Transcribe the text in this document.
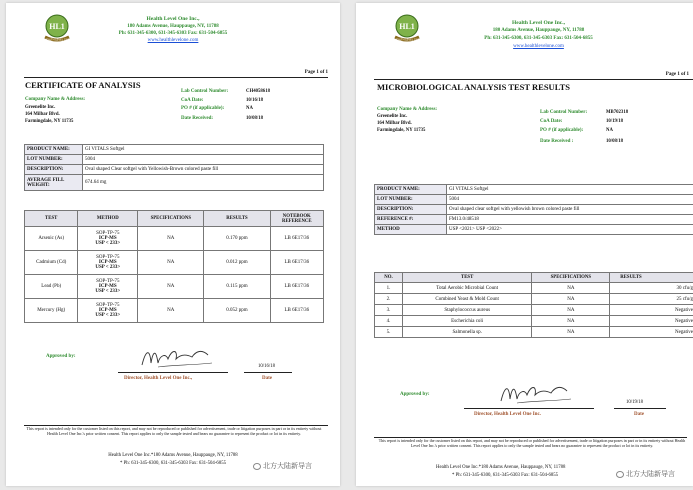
HL1
HEALTH LEVEL ONE
Health Level One Inc.,
180 Adams Avenue, Hauppauge, NY, 11788
Ph: 631-345-6300, 631-345-6303 Fax: 631-504-6855
www.healthlevelone.com
Page 1 of 1
CERTIFICATE OF ANALYSIS
Company Name & Address:
Greenelite Inc.
164 Milbar Blvd.
Farmingdale, NY 11735
Lab Control Number:	CH4058618
CoA Date:	10/16/18
PO # (if applicable):	NA
Date Received:	10/08/18
PRODUCT NAME:	GI VITALS Softgel
LOT NUMBER:	5004
DESCRIPTION:	Oval shaped Clear softgel with Yellowish-Brown colored paste fill
AVERAGE FILL WEIGHT:	674.64 mg
TEST	METHOD	SPECIFICATIONS	RESULTS	NOTEBOOK REFERENCE
Arsenic (As)	SOP-TP-75
ICP-MS
USP < 233>	NA	0.170 ppm	LB 6E17/36
Cadmium (Cd)	SOP-TP-75
ICP-MS
USP < 233>	NA	0.012 ppm	LB 6E17/36
Lead (Pb)	SOP-TP-75
ICP-MS
USP < 233>	NA	0.115 ppm	LB 6E17/36
Mercury (Hg)	SOP-TP-75
ICP-MS
USP < 233>	NA	0.052 ppm	LB 6E17/36
Approved by:
10/16/18
Director, Health Level One Inc.,	Date
This report is intended only for the customer listed on this report, and may not be reproduced or published for advertisement, trade or litigation purposes in part or in its entirety without Health Level One Inc.'s prior written consent. This report applies to only the sample tested and bears no guarantee to represent the product or lot in its entirety.
Health Level One Inc.*180 Adams Avenue, Hauppauge, NY, 11788
* Ph: 631-345-6300, 631-345-6303 Fax: 631-504-6855
HL1
HEALTH LEVEL ONE
Health Level One Inc.,
180 Adams Avenue, Hauppauge, NY, 11788
Ph: 631-345-6300, 631-345-6303 Fax: 631-504-6855
www.healthlevelone.com
Page 1 of 1
MICROBIOLOGICAL ANALYSIS TEST RESULTS
Company Name & Address:
Greenelite Inc.
164 Milbar Blvd.
Farmingdale, NY 11735
Lab Control Number:	MB702318
CoA Date:	10/19/18
PO # (if applicable):	NA
Date Received :	10/08/18
PRODUCT NAME:	GI VITALS Softgel
LOT NUMBER:	5004
DESCRIPTION:	Oval shaped clear softgel with yellowish brown colored paste fill
REFERENCE #:	FM13.0/48518
METHOD	USP <2021> USP <2022>
NO.	TEST	SPECIFICATIONS	RESULTS
1.	Total Aerobic Microbial Count	NA	30 cfu/g
2.	Combined Yeast & Mold Count	NA	25 cfu/g
3.	Staphylococcus aureus	NA	Negative
4.	Escherichia coli	NA	Negative
5.	Salmonella sp.	NA	Negative
Approved by:
10/19/18
Director, Health Level One Inc.	Date
This report is intended only for the customer listed on this report, and may not be reproduced or published for advertisement, trade or litigation purposes in part or in its entirety without Health Level One Inc.'s prior written consent. This report applies to only the sample tested and bears no guarantee to represent the product or lot in its entirety.
Health Level One Inc.*180 Adams Avenue, Hauppauge, NY, 11788
* Ph: 631-345-6300, 631-345-6303 Fax: 631-504-6855
北方大陆新导言
北方大陆新导言
